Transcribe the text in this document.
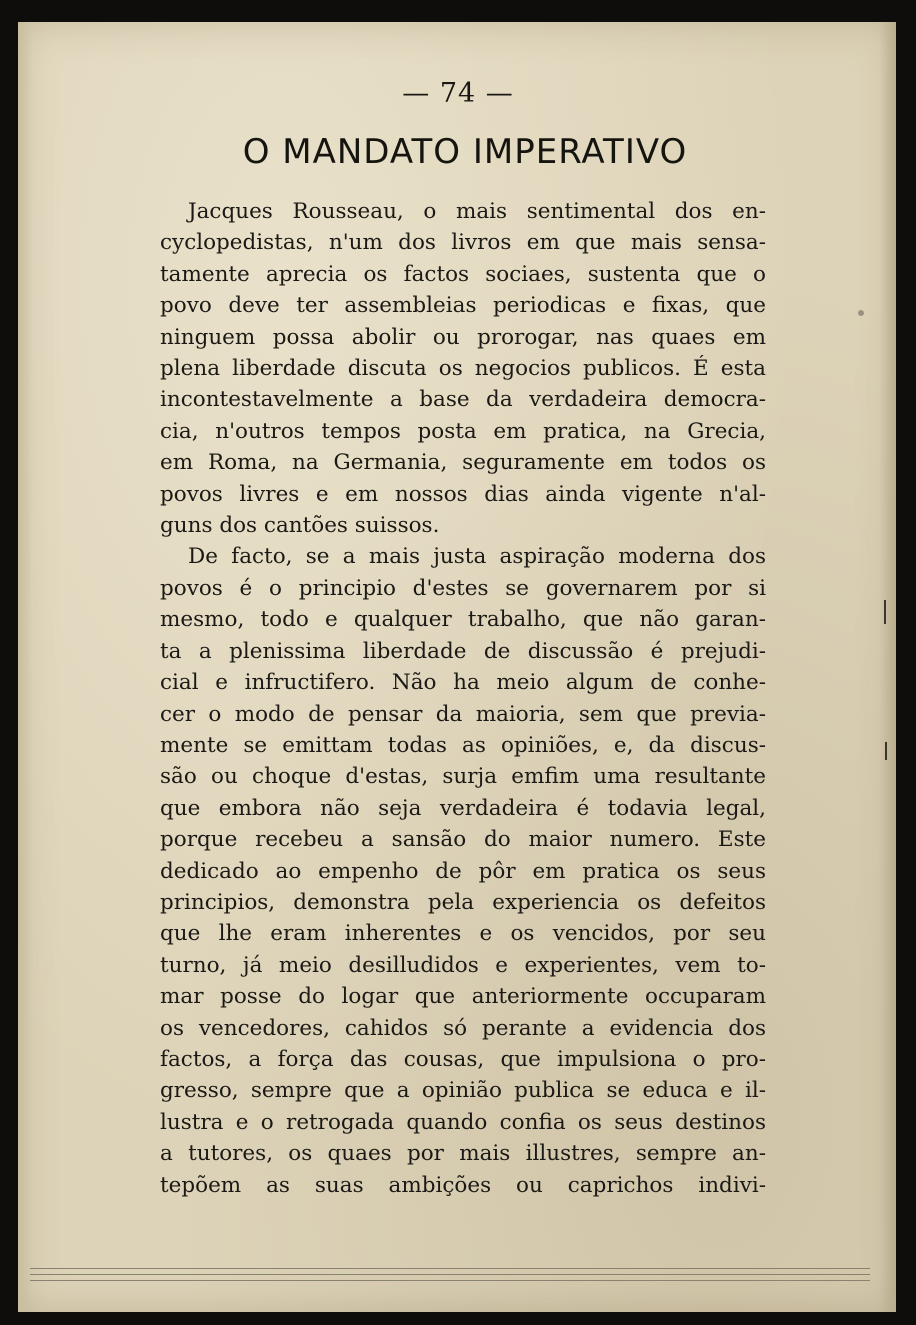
— 74 —
O MANDATO IMPERATIVO
Jacques Rousseau, o mais sentimental dos en-
cyclopedistas, n'um dos livros em que mais sensa-
tamente aprecia os factos sociaes, sustenta que o
povo deve ter assembleias periodicas e fixas, que
ninguem possa abolir ou prorogar, nas quaes em
plena liberdade discuta os negocios publicos. É esta
incontestavelmente a base da verdadeira democra-
cia, n'outros tempos posta em pratica, na Grecia,
em Roma, na Germania, seguramente em todos os
povos livres e em nossos dias ainda vigente n'al-
guns dos cantões suissos.
De facto, se a mais justa aspiração moderna dos
povos é o principio d'estes se governarem por si
mesmo, todo e qualquer trabalho, que não garan-
ta a plenissima liberdade de discussão é prejudi-
cial e infructifero. Não ha meio algum de conhe-
cer o modo de pensar da maioria, sem que previa-
mente se emittam todas as opiniões, e, da discus-
são ou choque d'estas, surja emfim uma resultante
que embora não seja verdadeira é todavia legal,
porque recebeu a sansão do maior numero. Este
dedicado ao empenho de pôr em pratica os seus
principios, demonstra pela experiencia os defeitos
que lhe eram inherentes e os vencidos, por seu
turno, já meio desilludidos e experientes, vem to-
mar posse do logar que anteriormente occuparam
os vencedores, cahidos só perante a evidencia dos
factos, a força das cousas, que impulsiona o pro-
gresso, sempre que a opinião publica se educa e il-
lustra e o retrogada quando confia os seus destinos
a tutores, os quaes por mais illustres, sempre an-
tepõem as suas ambições ou caprichos indivi-
